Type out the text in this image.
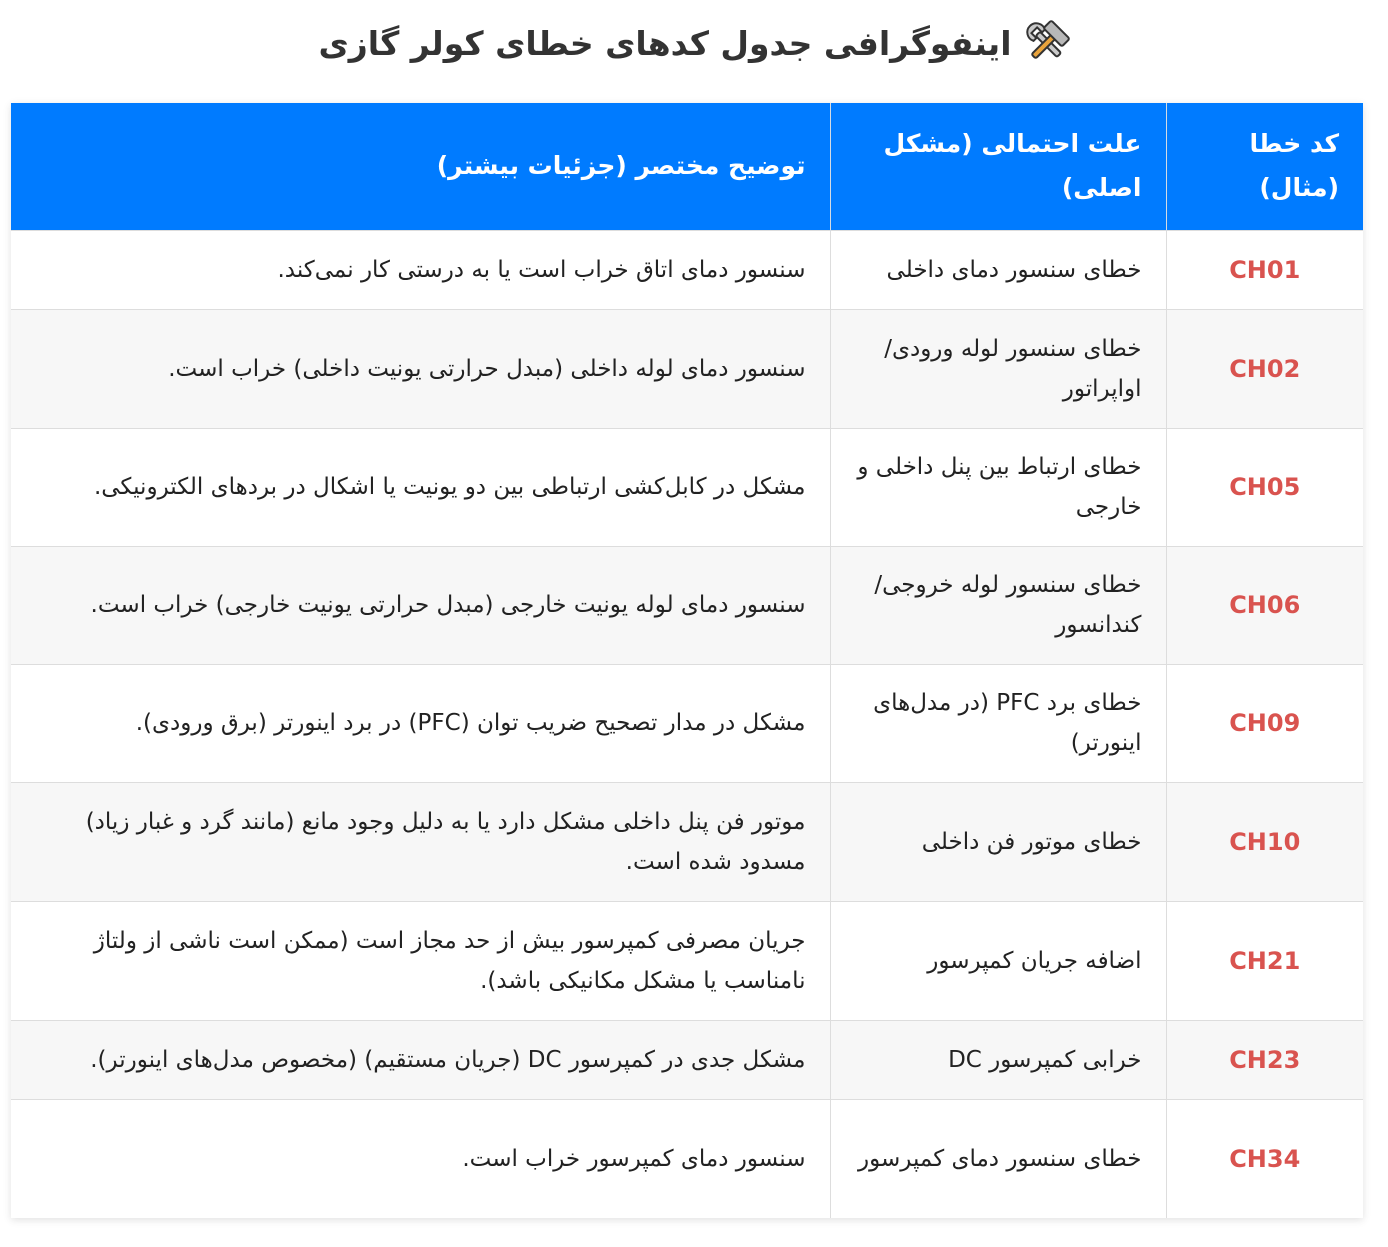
اینفوگرافی جدول کدهای خطای کولر گازی
کد خطا (مثال)	علت احتمالی (مشکل اصلی)	توضیح مختصر (جزئیات بیشتر)
CH01	خطای سنسور دمای داخلی	سنسور دمای اتاق خراب است یا به درستی کار نمی‌کند.
CH02	خطای سنسور لوله ورودی/اواپراتور	سنسور دمای لوله داخلی (مبدل حرارتی یونیت داخلی) خراب است.
CH05	خطای ارتباط بین پنل داخلی و خارجی	مشکل در کابل‌کشی ارتباطی بین دو یونیت یا اشکال در بردهای الکترونیکی.
CH06	خطای سنسور لوله خروجی/کندانسور	سنسور دمای لوله یونیت خارجی (مبدل حرارتی یونیت خارجی) خراب است.
CH09	خطای برد PFC (در مدل‌های اینورتر)	مشکل در مدار تصحیح ضریب توان (PFC) در برد اینورتر (برق ورودی).
CH10	خطای موتور فن داخلی	موتور فن پنل داخلی مشکل دارد یا به دلیل وجود مانع (مانند گرد و غبار زیاد) مسدود شده است.
CH21	اضافه جریان کمپرسور	جریان مصرفی کمپرسور بیش از حد مجاز است (ممکن است ناشی از ولتاژ نامناسب یا مشکل مکانیکی باشد).
CH23	خرابی کمپرسور DC	مشکل جدی در کمپرسور DC (جریان مستقیم) (مخصوص مدل‌های اینورتر).
CH34	خطای سنسور دمای کمپرسور	سنسور دمای کمپرسور خراب است.
